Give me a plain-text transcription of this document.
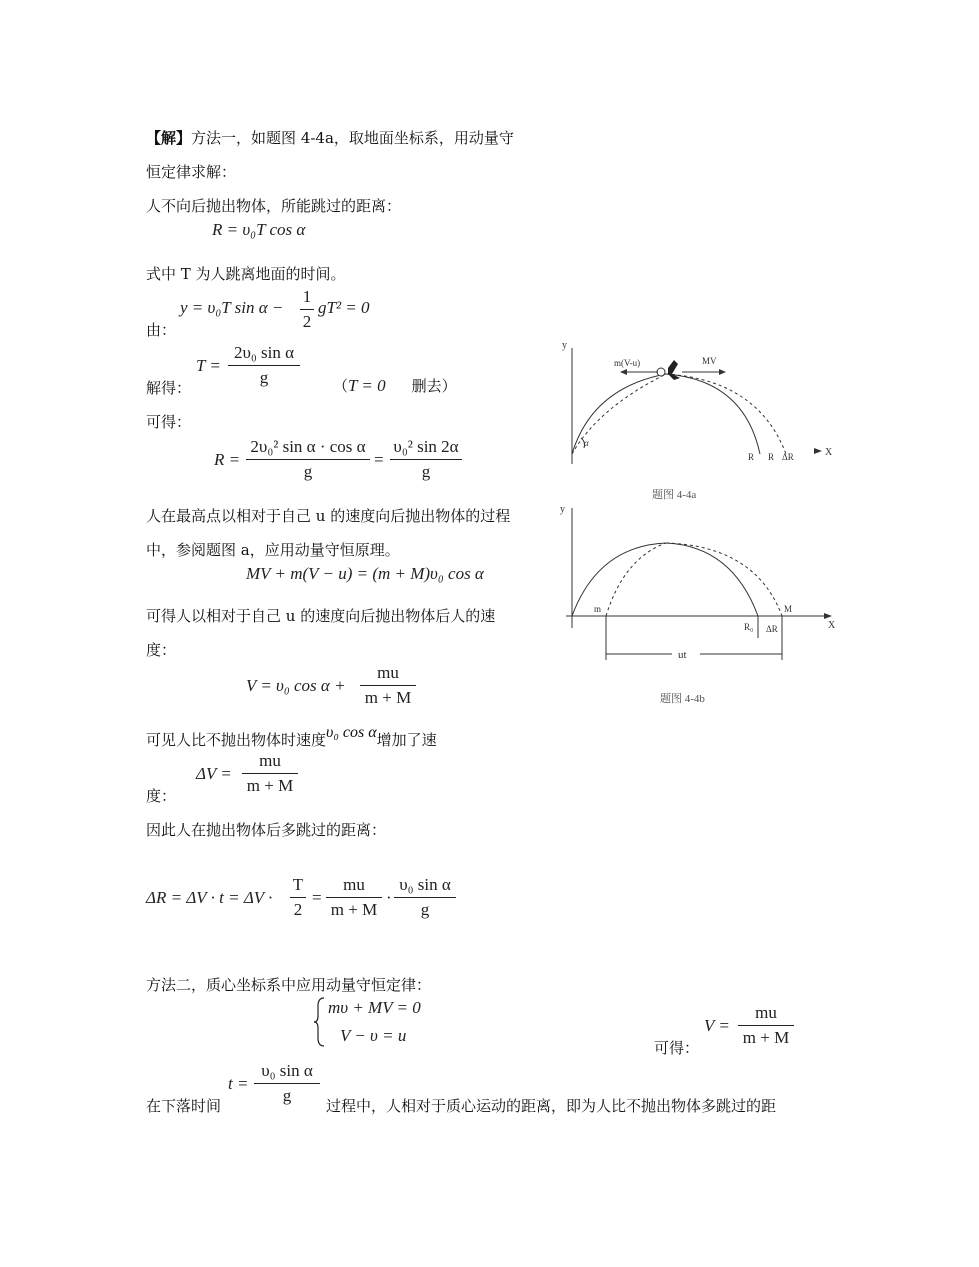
【解】方法一，如题图 4-4a，取地面坐标系，用动量守
恒定律求解：
人不向后抛出物体，所能跳过的距离：
R = υ₀T cos α
式中 T 为人跳离地面的时间。
y = υ₀T sin α −
1
2
gT² = 0
由：
T =
2υ₀ sin α
g
解得：	（T = 0 删去）
可得：
R =
2υ₀² sin α · cos α
g
=
υ₀² sin 2α
g
人在最高点以相对于自己 u 的速度向后抛出物体的过程
中，参阅题图 a，应用动量守恒原理。
MV + m(V − u) = (m + M)υ₀ cos α
可得人以相对于自己 u 的速度向后抛出物体后人的速
度：
V = υ₀ cos α +
mu
m + M
可见人比不抛出物体时速度υ₀ cos α增加了速
ΔV =
mu
m + M
度：
因此人在抛出物体后多跳过的距离：
ΔR = ΔV · t = ΔV ·
T
2
=
mu
m + M
·
υ₀ sin α
g
方法二，质心坐标系中应用动量守恒定律：
mυ + MV = 0
V − υ = u
可得：
V =
mu
m + M
t =
υ₀ sin α
g
在下落时间	过程中，人相对于质心运动的距离，即为人比不抛出物体多跳过的距
y
X
α
m(V-u)	MV
R R ΔR
题图 4-4a
y
X
m	M
R₀ ΔR
ut
题图 4-4b
